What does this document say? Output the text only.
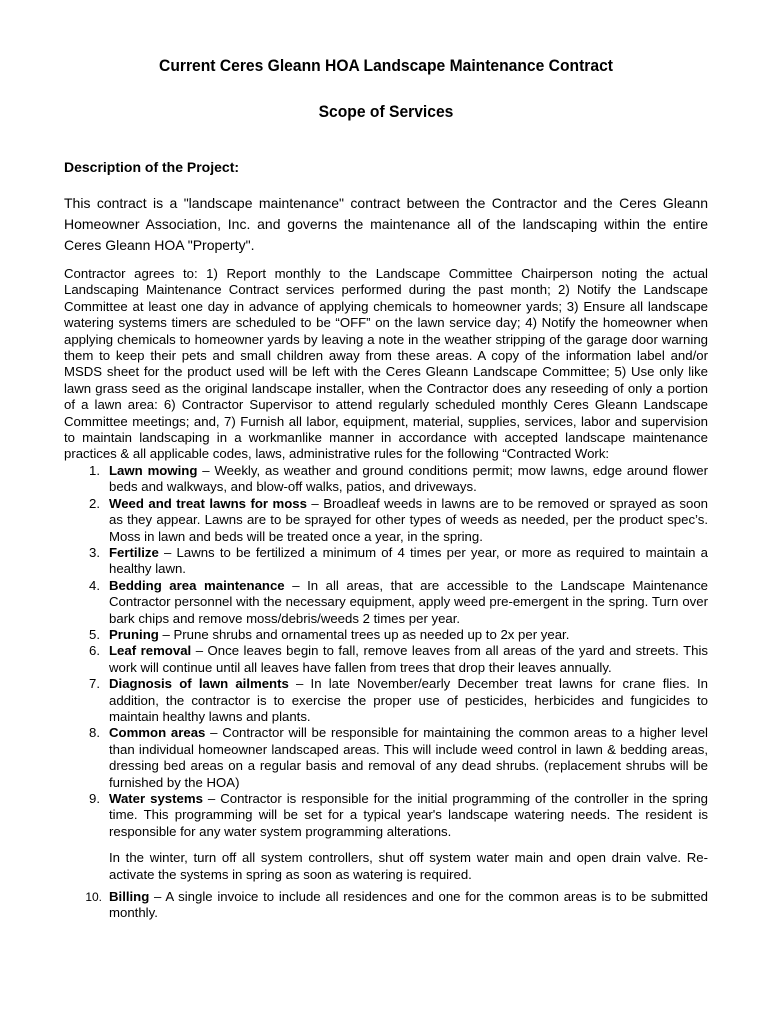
Current Ceres Gleann HOA Landscape Maintenance Contract
Scope of Services
Description of the Project:

This contract is a "landscape maintenance" contract between the Contractor and the Ceres Gleann Homeowner Association, Inc. and governs the maintenance all of the landscaping within the entire Ceres Gleann HOA "Property".

Contractor agrees to: 1) Report monthly to the Landscape Committee Chairperson noting the actual Landscaping Maintenance Contract services performed during the past month; 2) Notify the Landscape Committee at least one day in advance of applying chemicals to homeowner yards; 3) Ensure all landscape watering systems timers are scheduled to be “OFF” on the lawn service day; 4) Notify the homeowner when applying chemicals to homeowner yards by leaving a note in the weather stripping of the garage door warning them to keep their pets and small children away from these areas. A copy of the information label and/or MSDS sheet for the product used will be left with the Ceres Gleann Landscape Committee; 5) Use only like lawn grass seed as the original landscape installer, when the Contractor does any reseeding of only a portion of a lawn area: 6) Contractor Supervisor to attend regularly scheduled monthly Ceres Gleann Landscape Committee meetings; and, 7) Furnish all labor, equipment, material, supplies, services, labor and supervision to maintain landscaping in a workmanlike manner in accordance with accepted landscape maintenance practices & all applicable codes, laws, administrative rules for the following “Contracted Work:

1. Lawn mowing – Weekly, as weather and ground conditions permit; mow lawns, edge around flower beds and walkways, and blow-off walks, patios, and driveways.
2. Weed and treat lawns for moss – Broadleaf weeds in lawns are to be removed or sprayed as soon as they appear. Lawns are to be sprayed for other types of weeds as needed, per the product spec’s. Moss in lawn and beds will be treated once a year, in the spring.
3. Fertilize – Lawns to be fertilized a minimum of 4 times per year, or more as required to maintain a healthy lawn.
4. Bedding area maintenance – In all areas, that are accessible to the Landscape Maintenance Contractor personnel with the necessary equipment, apply weed pre-emergent in the spring. Turn over bark chips and remove moss/debris/weeds 2 times per year.
5. Pruning – Prune shrubs and ornamental trees up as needed up to 2x per year.
6. Leaf removal – Once leaves begin to fall, remove leaves from all areas of the yard and streets. This work will continue until all leaves have fallen from trees that drop their leaves annually.
7. Diagnosis of lawn ailments – In late November/early December treat lawns for crane flies. In addition, the contractor is to exercise the proper use of pesticides, herbicides and fungicides to maintain healthy lawns and plants.
8. Common areas – Contractor will be responsible for maintaining the common areas to a higher level than individual homeowner landscaped areas. This will include weed control in lawn & bedding areas, dressing bed areas on a regular basis and removal of any dead shrubs. (replacement shrubs will be furnished by the HOA)
9. Water systems – Contractor is responsible for the initial programming of the controller in the spring time. This programming will be set for a typical year's landscape watering needs. The resident is responsible for any water system programming alterations.
In the winter, turn off all system controllers, shut off system water main and open drain valve. Re-activate the systems in spring as soon as watering is required.
10. Billing – A single invoice to include all residences and one for the common areas is to be submitted monthly.
